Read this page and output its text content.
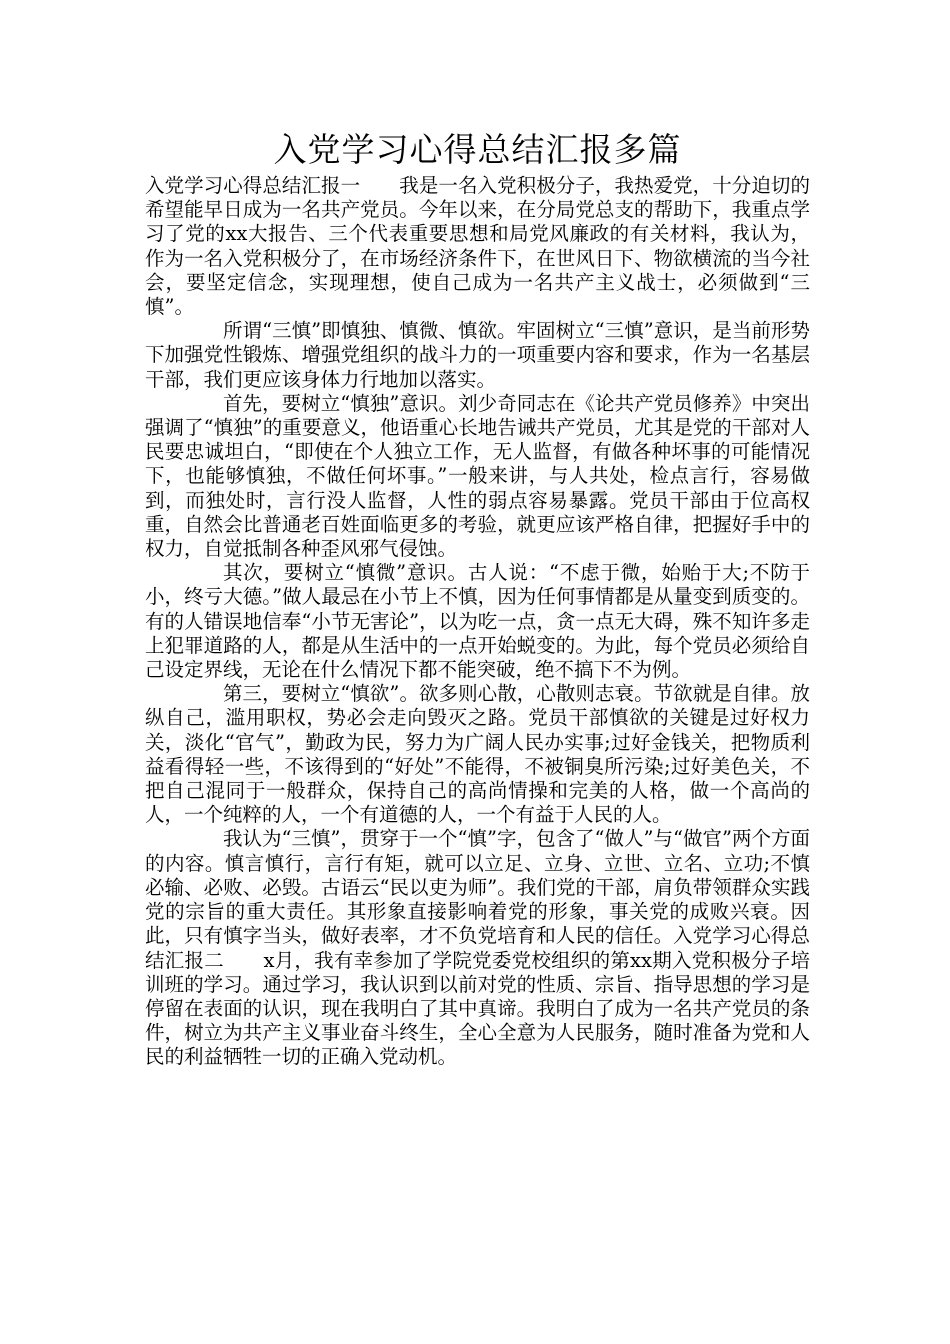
入党学习心得总结汇报多篇

入党学习心得总结汇报一　　我是一名入党积极分子，我热爱党，十分迫切的希望能早日成为一名共产党员。今年以来，在分局党总支的帮助下，我重点学习了党的xx大报告、三个代表重要思想和局党风廉政的有关材料，我认为，作为一名入党积极分了，在市场经济条件下，在世风日下、物欲横流的当今社会，要坚定信念，实现理想，使自己成为一名共产主义战士，必须做到“三慎”。

所谓“三慎”即慎独、慎微、慎欲。牢固树立“三慎”意识，是当前形势下加强党性锻炼、增强党组织的战斗力的一项重要内容和要求，作为一名基层干部，我们更应该身体力行地加以落实。

首先，要树立“慎独”意识。刘少奇同志在《论共产党员修养》中突出强调了“慎独”的重要意义，他语重心长地告诫共产党员，尤其是党的干部对人民要忠诚坦白，“即使在个人独立工作，无人监督，有做各种坏事的可能情况下，也能够慎独，不做任何坏事。”一般来讲，与人共处，检点言行，容易做到，而独处时，言行没人监督，人性的弱点容易暴露。党员干部由于位高权重，自然会比普通老百姓面临更多的考验，就更应该严格自律，把握好手中的权力，自觉抵制各种歪风邪气侵蚀。

其次，要树立“慎微”意识。古人说：“不虑于微，始贻于大;不防于小，终亏大德。”做人最忌在小节上不慎，因为任何事情都是从量变到质变的。有的人错误地信奉“小节无害论”，以为吃一点，贪一点无大碍，殊不知许多走上犯罪道路的人，都是从生活中的一点开始蜕变的。为此，每个党员必须给自己设定界线，无论在什么情况下都不能突破，绝不搞下不为例。

第三，要树立“慎欲”。欲多则心散，心散则志衰。节欲就是自律。放纵自己，滥用职权，势必会走向毁灭之路。党员干部慎欲的关键是过好权力关，淡化“官气”，勤政为民，努力为广阔人民办实事;过好金钱关，把物质利益看得轻一些，不该得到的“好处”不能得，不被铜臭所污染;过好美色关，不把自己混同于一般群众，保持自己的高尚情操和完美的人格，做一个高尚的人，一个纯粹的人，一个有道德的人，一个有益于人民的人。

我认为“三慎”，贯穿于一个“慎”字，包含了“做人”与“做官”两个方面的内容。慎言慎行，言行有矩，就可以立足、立身、立世、立名、立功;不慎必输、必败、必毁。古语云“民以吏为师”。我们党的干部，肩负带领群众实践党的宗旨的重大责任。其形象直接影响着党的形象，事关党的成败兴衰。因此，只有慎字当头，做好表率，才不负党培育和人民的信任。入党学习心得总结汇报二　　x月，我有幸参加了学院党委党校组织的第xx期入党积极分子培训班的学习。通过学习，我认识到以前对党的性质、宗旨、指导思想的学习是停留在表面的认识，现在我明白了其中真谛。我明白了成为一名共产党员的条件，树立为共产主义事业奋斗终生，全心全意为人民服务，随时准备为党和人民的利益牺牲一切的正确入党动机。
